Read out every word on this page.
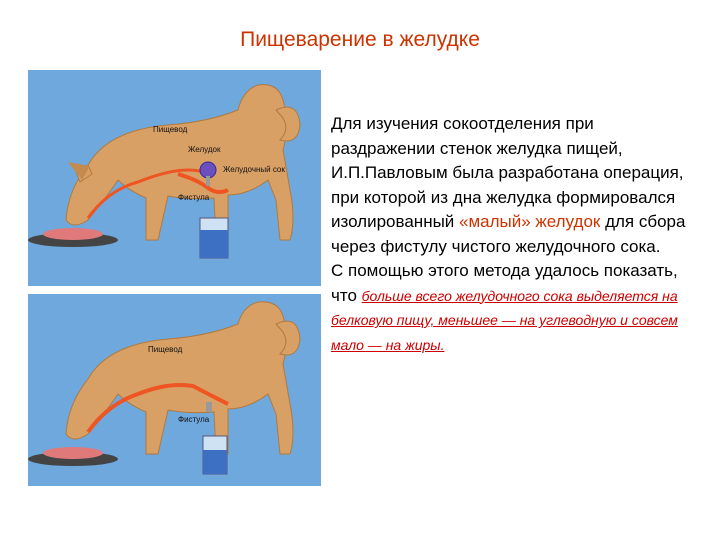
Пищеварение в желудке
Пищевод
Желудок
Желудочный сок
Фистула
Пищевод
Фистула
Для изучения сокоотделения при раздражении стенок желудка пищей, И.П.Павловым была разработана операция, при которой из дна желудка формировался изолированный «малый» желудок для сбора через фистулу чистого желудочного сока.
С помощью этого метода удалось показать, что больше всего желудочного сока выделяется на белковую пищу, меньшее — на углеводную и совсем мало — на жиры.
